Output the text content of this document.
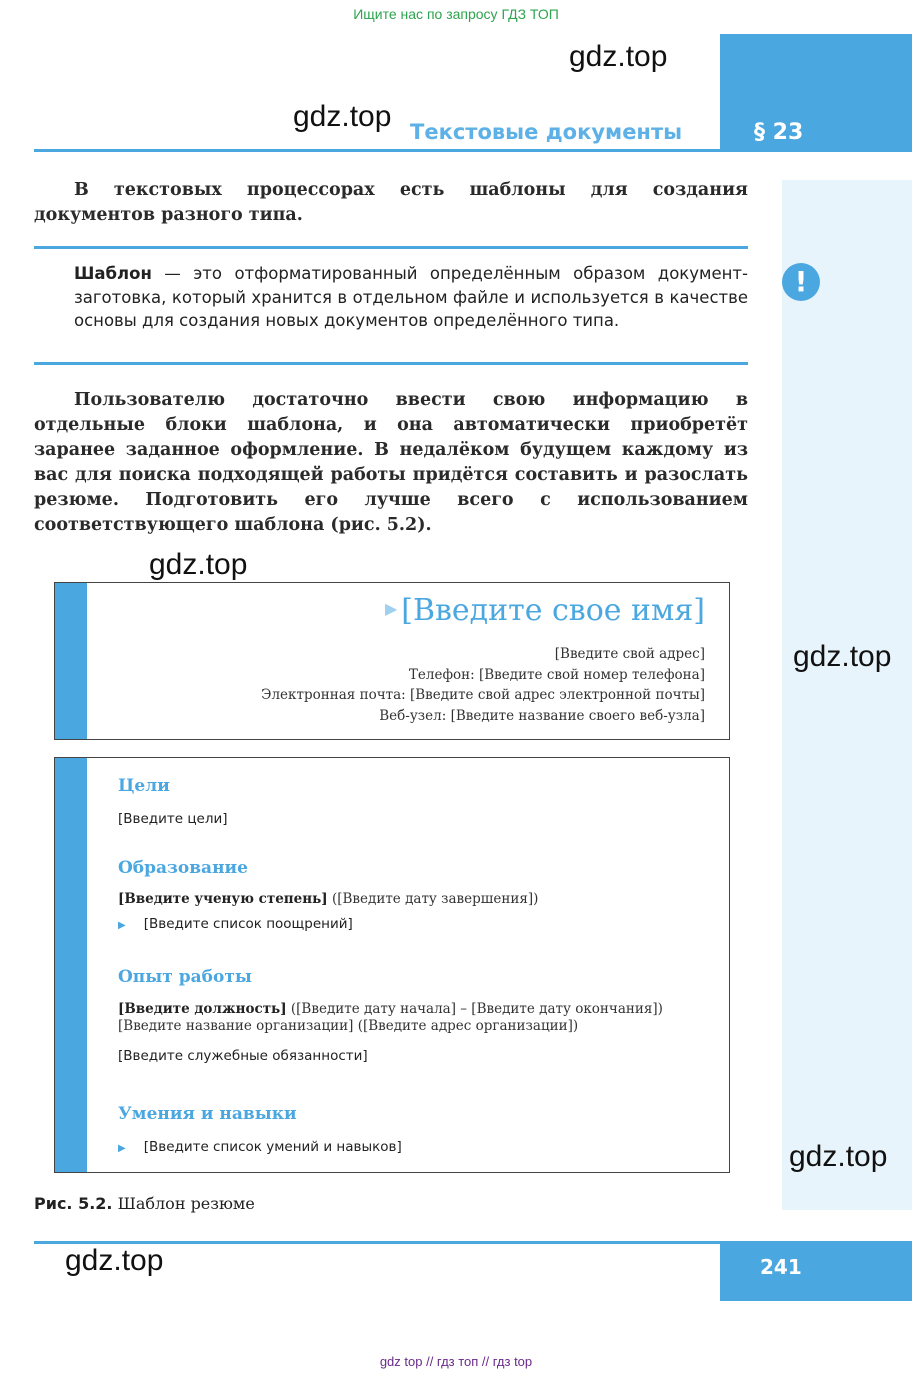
Ищите нас по запросу ГДЗ ТОП
Текстовые документы	§ 23
gdz.top
gdz.top
!

В текстовых процессорах есть шаблоны для создания документов разного типа.

Шаблон — это отформатированный определённым образом документ-заготовка, который хранится в отдельном файле и используется в качестве основы для создания новых документов определённого типа.

Пользователю достаточно ввести свою информацию в отдельные блоки шаблона, и она автоматически приобретёт заранее заданное оформление. В недалёком будущем каждому из вас для поиска подходящей работы придётся составить и разослать резюме. Подготовить его лучше всего с использованием соответствующего шаблона (рис. 5.2).

gdz.top
gdz.top
▶ [Введите свое имя]
[Введите свой адрес]
Телефон: [Введите свой номер телефона]
Электронная почта: [Введите свой адрес электронной почты]
Веб-узел: [Введите название своего веб-узла]
Цели
[Введите цели]
Образование
[Введите ученую степень] ([Введите дату завершения])
▶ [Введите список поощрений]
Опыт работы
[Введите должность] ([Введите дату начала] – [Введите дату окончания])
[Введите название организации] ([Введите адрес организации])
[Введите служебные обязанности]
Умения и навыки
▶ [Введите список умений и навыков]	gdz.top
Рис. 5.2. Шаблон резюме
241
gdz.top
gdz top // гдз топ // гдз top
